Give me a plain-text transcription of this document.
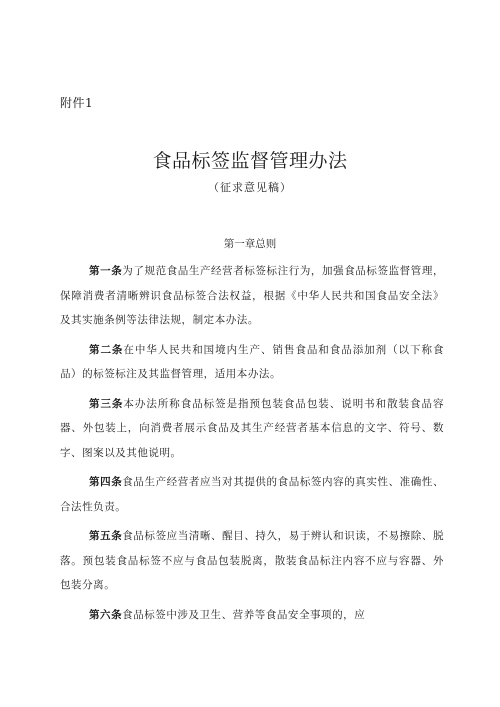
附件1
食品标签监督管理办法
（征求意见稿）
第一章总则

第一条为了规范食品生产经营者标签标注行为，加强食品标签监督管理，保障消费者清晰辨识食品标签合法权益，根据《中华人民共和国食品安全法》及其实施条例等法律法规，制定本办法。

第二条在中华人民共和国境内生产、销售食品和食品添加剂（以下称食品）的标签标注及其监督管理，适用本办法。

第三条本办法所称食品标签是指预包装食品包装、说明书和散装食品容器、外包装上，向消费者展示食品及其生产经营者基本信息的文字、符号、数字、图案以及其他说明。

第四条食品生产经营者应当对其提供的食品标签内容的真实性、准确性、合法性负责。

第五条食品标签应当清晰、醒目、持久，易于辨认和识读，不易擦除、脱落。预包装食品标签不应与食品包装脱离，散装食品标注内容不应与容器、外包装分离。

第六条食品标签中涉及卫生、营养等食品安全事项的，应
